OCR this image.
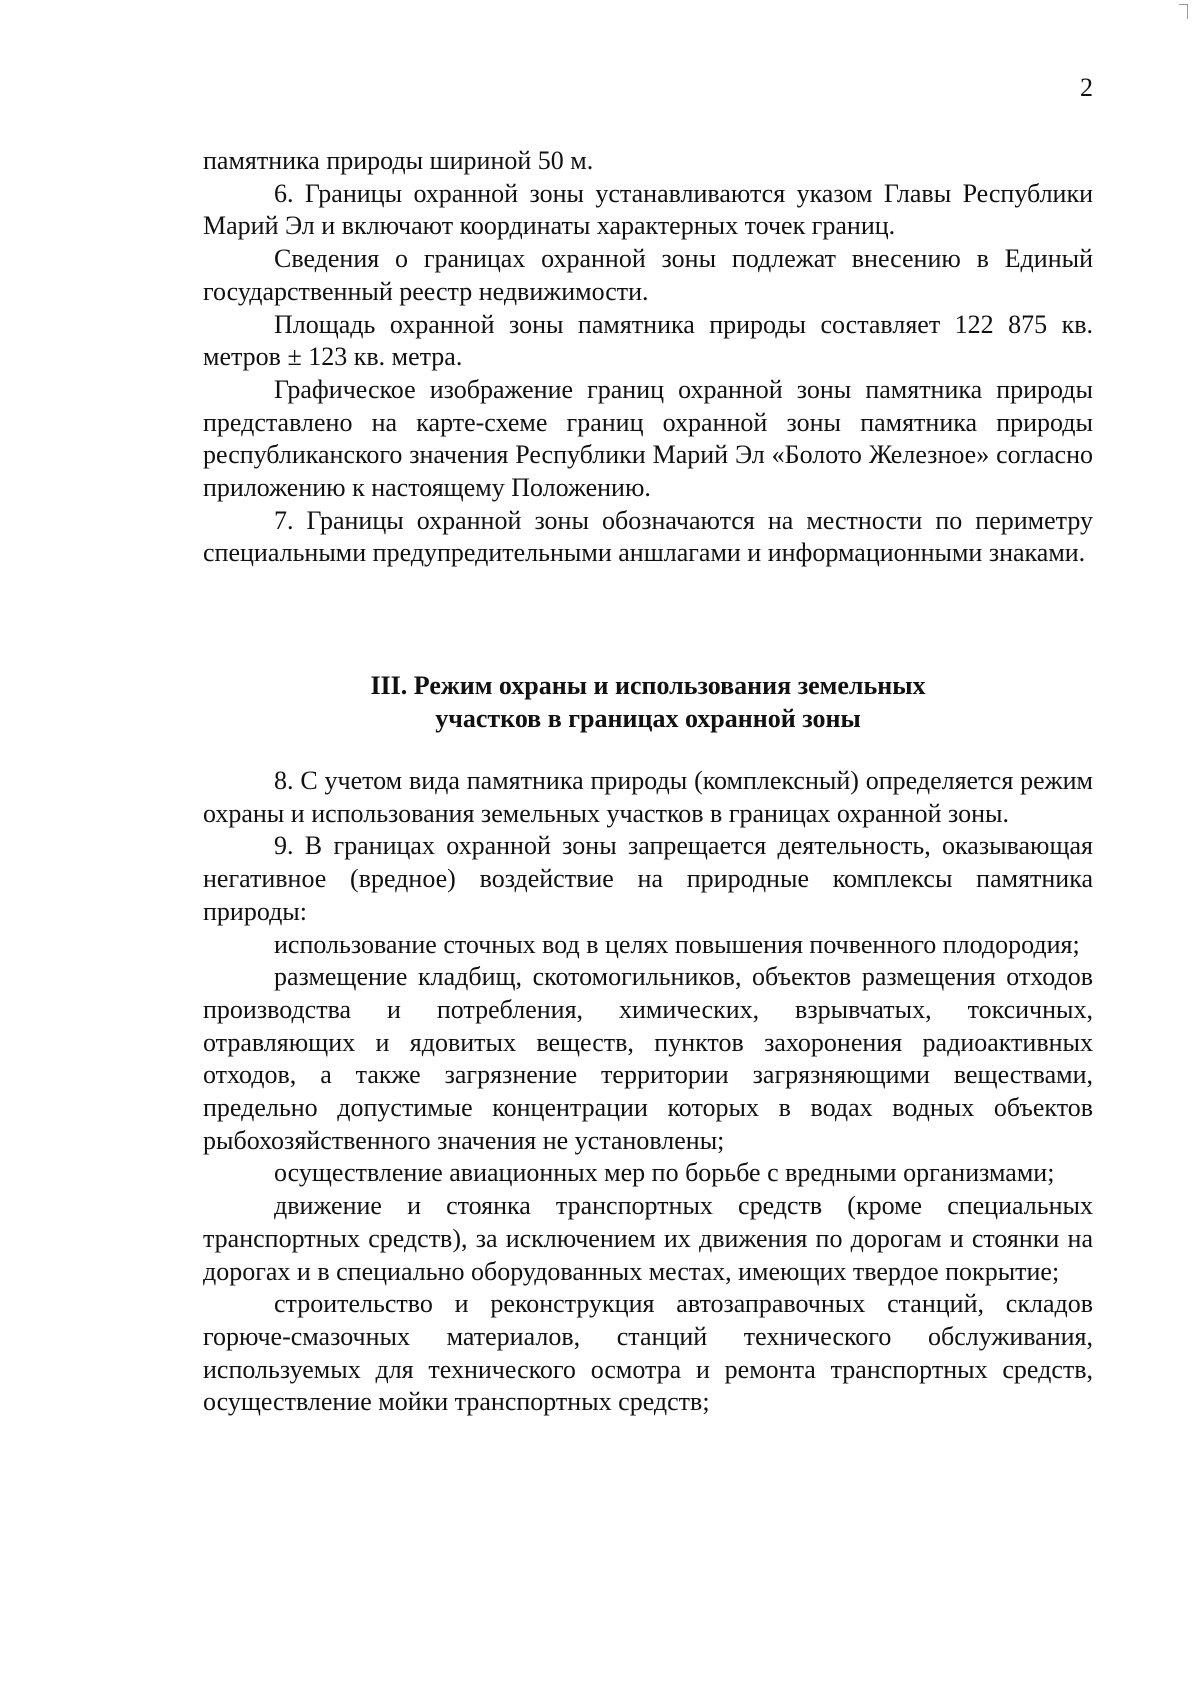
2

памятника природы шириной 50 м.

6. Границы охранной зоны устанавливаются указом Главы Республики Марий Эл и включают координаты характерных точек границ.

Сведения о границах охранной зоны подлежат внесению в Единый государственный реестр недвижимости.

Площадь охранной зоны памятника природы составляет 122 875 кв. метров ± 123 кв. метра.

Графическое изображение границ охранной зоны памятника природы представлено на карте-схеме границ охранной зоны памятника природы республиканского значения Республики Марий Эл «Болото Железное» согласно приложению к настоящему Положению.

7. Границы охранной зоны обозначаются на местности по периметру специальными предупредительными аншлагами и информационными знаками.

III. Режим охраны и использования земельных
участков в границах охранной зоны

8. С учетом вида памятника природы (комплексный) определяется режим охраны и использования земельных участков в границах охранной зоны.

9. В границах охранной зоны запрещается деятельность, оказывающая негативное (вредное) воздействие на природные комплексы памятника природы:

использование сточных вод в целях повышения почвенного плодородия;

размещение кладбищ, скотомогильников, объектов размещения отходов производства и потребления, химических, взрывчатых, токсичных, отравляющих и ядовитых веществ, пунктов захоронения радиоактивных отходов, а также загрязнение территории загрязняющими веществами, предельно допустимые концентрации которых в водах водных объектов рыбохозяйственного значения не установлены;

осуществление авиационных мер по борьбе с вредными организмами;

движение и стоянка транспортных средств (кроме специальных транспортных средств), за исключением их движения по дорогам и стоянки на дорогах и в специально оборудованных местах, имеющих твердое покрытие;

строительство и реконструкция автозаправочных станций, складов горюче-смазочных материалов, станций технического обслуживания, используемых для технического осмотра и ремонта транспортных средств, осуществление мойки транспортных средств;
